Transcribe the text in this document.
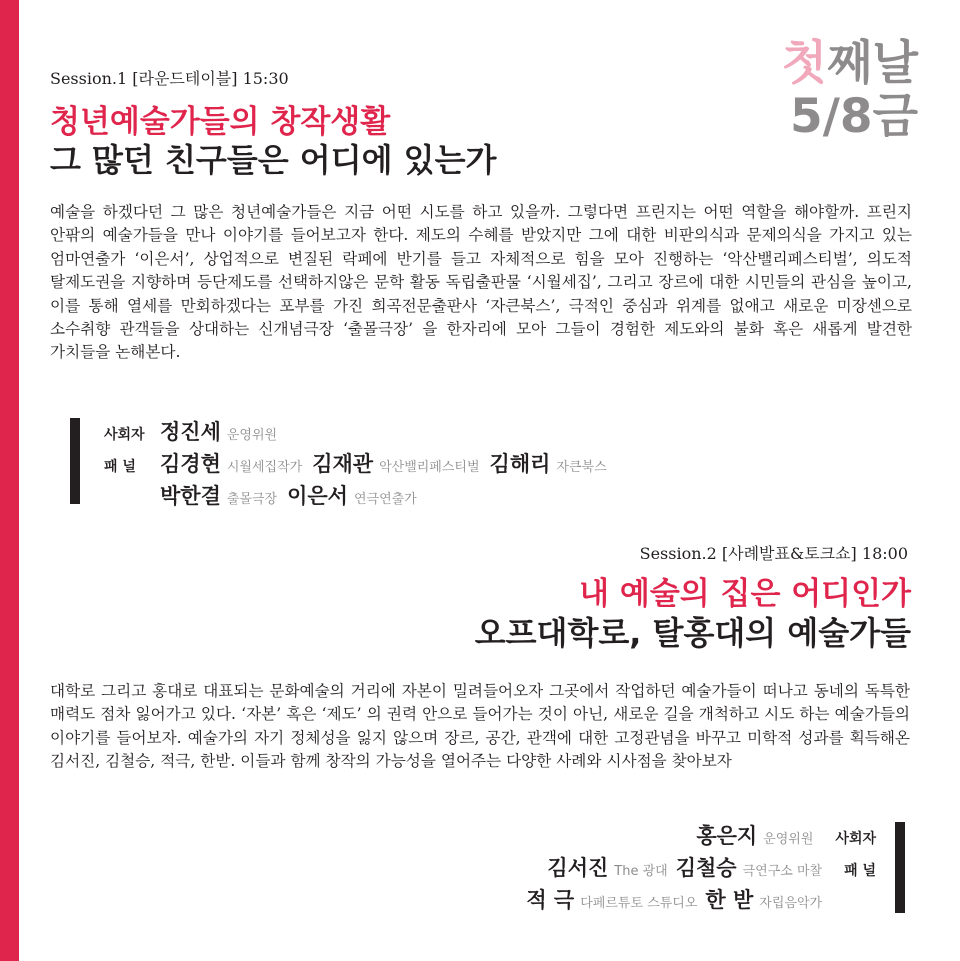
첫째날
5/8금
Session.1 [라운드테이블] 15:30
청년예술가들의 창작생활
그 많던 친구들은 어디에 있는가
예술을 하겠다던 그 많은 청년예술가들은 지금 어떤 시도를 하고 있을까. 그렇다면 프린지는 어떤 역할을 해야할까. 프린지 안팎의 예술가들을 만나 이야기를 들어보고자 한다. 제도의 수혜를 받았지만 그에 대한 비판의식과 문제의식을 가지고 있는 엄마연출가 ‘이은서’, 상업적으로 변질된 락페에 반기를 들고 자체적으로 힘을 모아 진행하는 ‘악산밸리페스티벌’, 의도적 탈제도권을 지향하며 등단제도를 선택하지않은 문학 활동 독립출판물 ‘시월세집’, 그리고 장르에 대한 시민들의 관심을 높이고, 이를 통해 열세를 만회하겠다는 포부를 가진 희곡전문출판사 ‘자큰북스’, 극적인 중심과 위계를 없애고 새로운 미장센으로 소수취향 관객들을 상대하는 신개념극장 ‘출몰극장’ 을 한자리에 모아 그들이 경험한 제도와의 불화 혹은 새롭게 발견한 가치들을 논해본다.
사회자 정진세 운영위원
패 널 김경현 시월세집작가 김재관 악산밸리페스티벌 김해리 자큰북스
박한결 출몰극장 이은서 연극연출가
Session.2 [사례발표&토크쇼] 18:00
내 예술의 집은 어디인가
오프대학로, 탈홍대의 예술가들
대학로 그리고 홍대로 대표되는 문화예술의 거리에 자본이 밀려들어오자 그곳에서 작업하던 예술가들이 떠나고 동네의 독특한 매력도 점차 잃어가고 있다. ‘자본’ 혹은 ‘제도’ 의 권력 안으로 들어가는 것이 아닌, 새로운 길을 개척하고 시도 하는 예술가들의 이야기를 들어보자. 예술가의 자기 정체성을 잃지 않으며 장르, 공간, 관객에 대한 고정관념을 바꾸고 미학적 성과를 획득해온 김서진, 김철승, 적극, 한받. 이들과 함께 창작의 가능성을 열어주는 다양한 사례와 시사점을 찾아보자
홍은지 운영위원 사회자
김서진 The 광대 김철승 극연구소 마찰 패 널
적 극 다페르튜토 스튜디오 한 받 자립음악가
